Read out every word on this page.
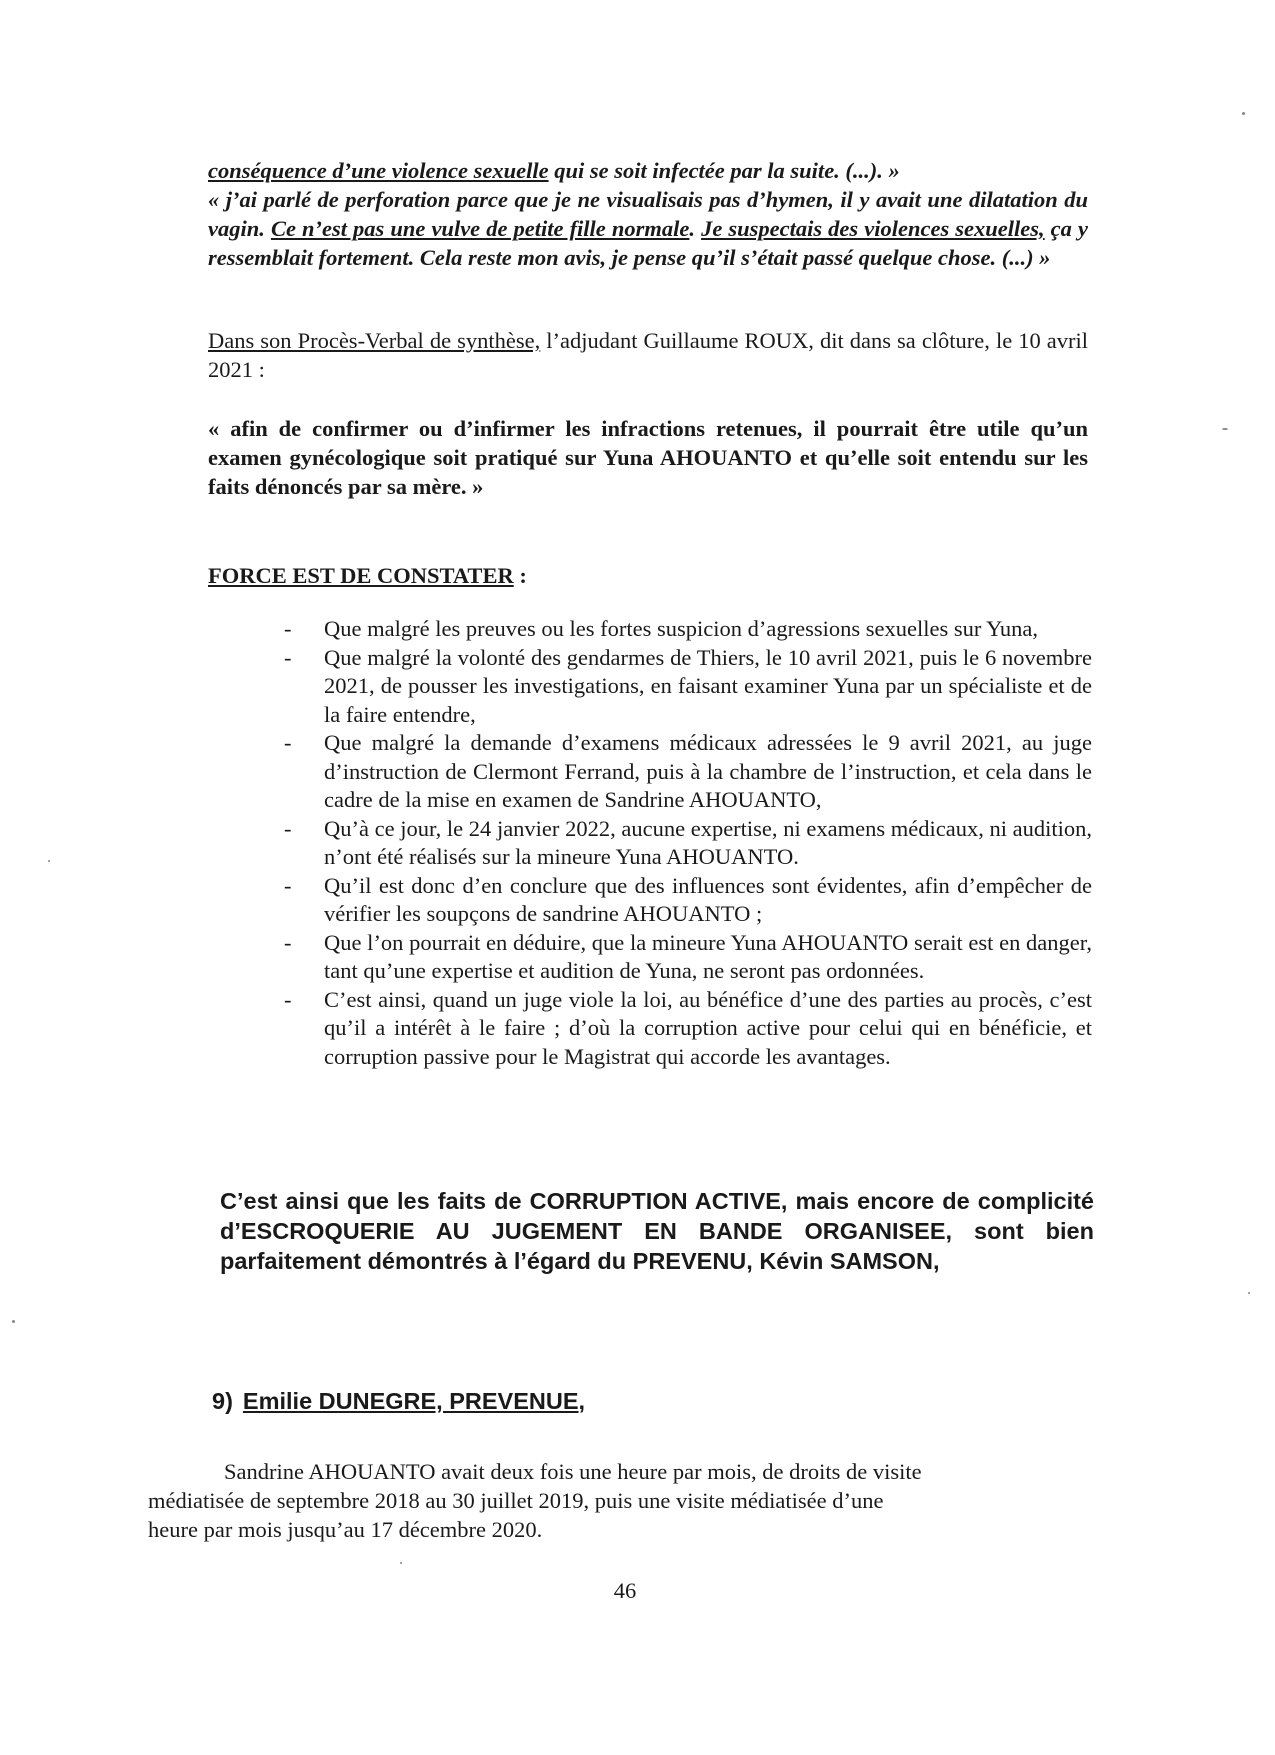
conséquence d’une violence sexuelle qui se soit infectée par la suite. (...). »

« j’ai parlé de perforation parce que je ne visualisais pas d’hymen, il y avait une dilatation du vagin. Ce n’est pas une vulve de petite fille normale. Je suspectais des violences sexuelles, ça y ressemblait fortement. Cela reste mon avis, je pense qu’il s’était passé quelque chose. (...) »

Dans son Procès-Verbal de synthèse, l’adjudant Guillaume ROUX, dit dans sa clôture, le 10 avril 2021 :

« afin de confirmer ou d’infirmer les infractions retenues, il pourrait être utile qu’un examen gynécologique soit pratiqué sur Yuna AHOUANTO et qu’elle soit entendu sur les faits dénoncés par sa mère. »

FORCE EST DE CONSTATER :
- Que malgré les preuves ou les fortes suspicion d’agressions sexuelles sur Yuna,
- Que malgré la volonté des gendarmes de Thiers, le 10 avril 2021, puis le 6 novembre 2021, de pousser les investigations, en faisant examiner Yuna par un spécialiste et de la faire entendre,
- Que malgré la demande d’examens médicaux adressées le 9 avril 2021, au juge d’instruction de Clermont Ferrand, puis à la chambre de l’instruction, et cela dans le cadre de la mise en examen de Sandrine AHOUANTO,
- Qu’à ce jour, le 24 janvier 2022, aucune expertise, ni examens médicaux, ni audition, n’ont été réalisés sur la mineure Yuna AHOUANTO.
- Qu’il est donc d’en conclure que des influences sont évidentes, afin d’empêcher de vérifier les soupçons de sandrine AHOUANTO ;
- Que l’on pourrait en déduire, que la mineure Yuna AHOUANTO serait est en danger, tant qu’une expertise et audition de Yuna, ne seront pas ordonnées.
- C’est ainsi, quand un juge viole la loi, au bénéfice d’une des parties au procès, c’est qu’il a intérêt à le faire ; d’où la corruption active pour celui qui en bénéficie, et corruption passive pour le Magistrat qui accorde les avantages.

C’est ainsi que les faits de CORRUPTION ACTIVE, mais encore de complicité d’ESCROQUERIE AU JUGEMENT EN BANDE ORGANISEE, sont bien parfaitement démontrés à l’égard du PREVENU, Kévin SAMSON,

9) Emilie DUNEGRE, PREVENUE,

Sandrine AHOUANTO avait deux fois une heure par mois, de droits de visite

médiatisée de septembre 2018 au 30 juillet 2019, puis une visite médiatisée d’une

heure par mois jusqu’au 17 décembre 2020.

46
